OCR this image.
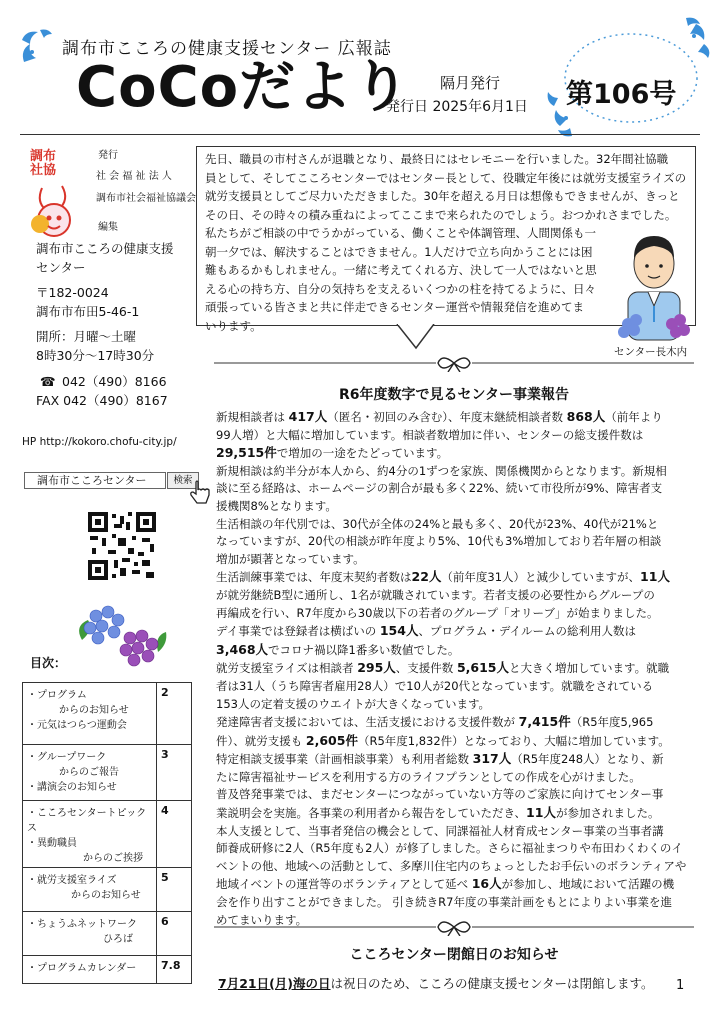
調布市こころの健康支援センター 広報誌
CoCoだより 隔月発行
発行日 2025年6月1日 第106号
調布社協
発行
社 会 福 祉 法 人
調布市社会福祉協議会
編集
調布市こころの健康支援
センター
〒182-0024
調布市布田5-46-1
開所：月曜～土曜
8時30分～17時30分
☎ 042（490）8166
FAX 042（490）8167
HP http://kokoro.chofu-city.jp/
調布市こころセンター	検索
目次：
・プログラム
からのお知らせ
・元気はつらつ運動会	2

・グループワーク
からのご報告
・講演会のお知らせ	3

・こころセンタートピックス
・異動職員
からのご挨拶	4

・就労支援室ライズ
からのお知らせ	5

・ちょうふネットワーク
ひろば	6

・プログラムカレンダー	7.8
先日、職員の市村さんが退職となり、最終日にはセレモニーを行いました。32年間社協職
員として、そしてこころセンターではセンター長として、役職定年後には就労支援室ライズの
就労支援員としてご尽力いただきました。30年を超える月日は想像もできませんが、きっと
その日、その時々の積み重ねによってここまで来られたのでしょう。おつかれさまでした。
私たちがご相談の中でうかがっている、働くことや体調管理、人間関係も一
朝一夕では、解決することはできません。1人だけで立ち向かうことには困
難もあるかもしれません。一緒に考えてくれる方、決して一人ではないと思
える心の持ち方、自分の気持ちを支えるいくつかの柱を持てるように、日々
頑張っている皆さまと共に伴走できるセンター運営や情報発信を進めてま
いります。
センター長木内
R6年度数字で見るセンター事業報告
新規相談者は 417人（匿名・初回のみ含む）、年度末継続相談者数 868人（前年より
99人増）と大幅に増加しています。相談者数増加に伴い、センターの総支援件数は
29,515件で増加の一途をたどっています。
新規相談は約半分が本人から、約4分の1ずつを家族、関係機関からとなります。新規相
談に至る経路は、ホームページの割合が最も多く22%、続いて市役所が9%、障害者支
援機関8%となります。
生活相談の年代別では、30代が全体の24%と最も多く、20代が23%、40代が21%と
なっていますが、20代の相談が昨年度より5%、10代も3%増加しており若年層の相談
増加が顕著となっています。
生活訓練事業では、年度末契約者数は22人（前年度31人）と減少していますが、11人
が就労継続B型に通所し、1名が就職されています。若者支援の必要性からグループの
再編成を行い、R7年度から30歳以下の若者のグループ「オリーブ」が始まりました。
デイ事業では登録者は横ばいの 154人、プログラム・デイルームの総利用人数は
3,468人でコロナ禍以降1番多い数値でした。
就労支援室ライズは相談者 295人、支援件数 5,615人と大きく増加しています。就職
者は31人（うち障害者雇用28人）で10人が20代となっています。就職をされている
153人の定着支援のウエイトが大きくなっています。
発達障害者支援においては、生活支援における支援件数が 7,415件（R5年度5,965
件）、就労支援も 2,605件（R5年度1,832件）となっており、大幅に増加しています。
特定相談支援事業（計画相談事業）も利用者総数 317人（R5年度248人）となり、新
たに障害福祉サービスを利用する方のライフプランとしての作成を心がけました。
普及啓発事業では、まだセンターにつながっていない方等のご家族に向けてセンター事
業説明会を実施。各事業の利用者から報告をしていただき、11人が参加されました。
本人支援として、当事者発信の機会として、同課福祉人材育成センター事業の当事者講
師養成研修に2人（R5年度も2人）が修了しました。さらに福祉まつりや布田わくわくのイ
ベントの他、地域への活動として、多摩川住宅内のちょっとしたお手伝いのボランティアや
地域イベントの運営等のボランティアとして延べ 16人が参加し、地域において活躍の機
会を作り出すことができました。 引き続きR7年度の事業計画をもとによりよい事業を進
めてまいります。
こころセンター閉館日のお知らせ
7月21日(月)海の日は祝日のため、こころの健康支援センターは閉館します。 1
